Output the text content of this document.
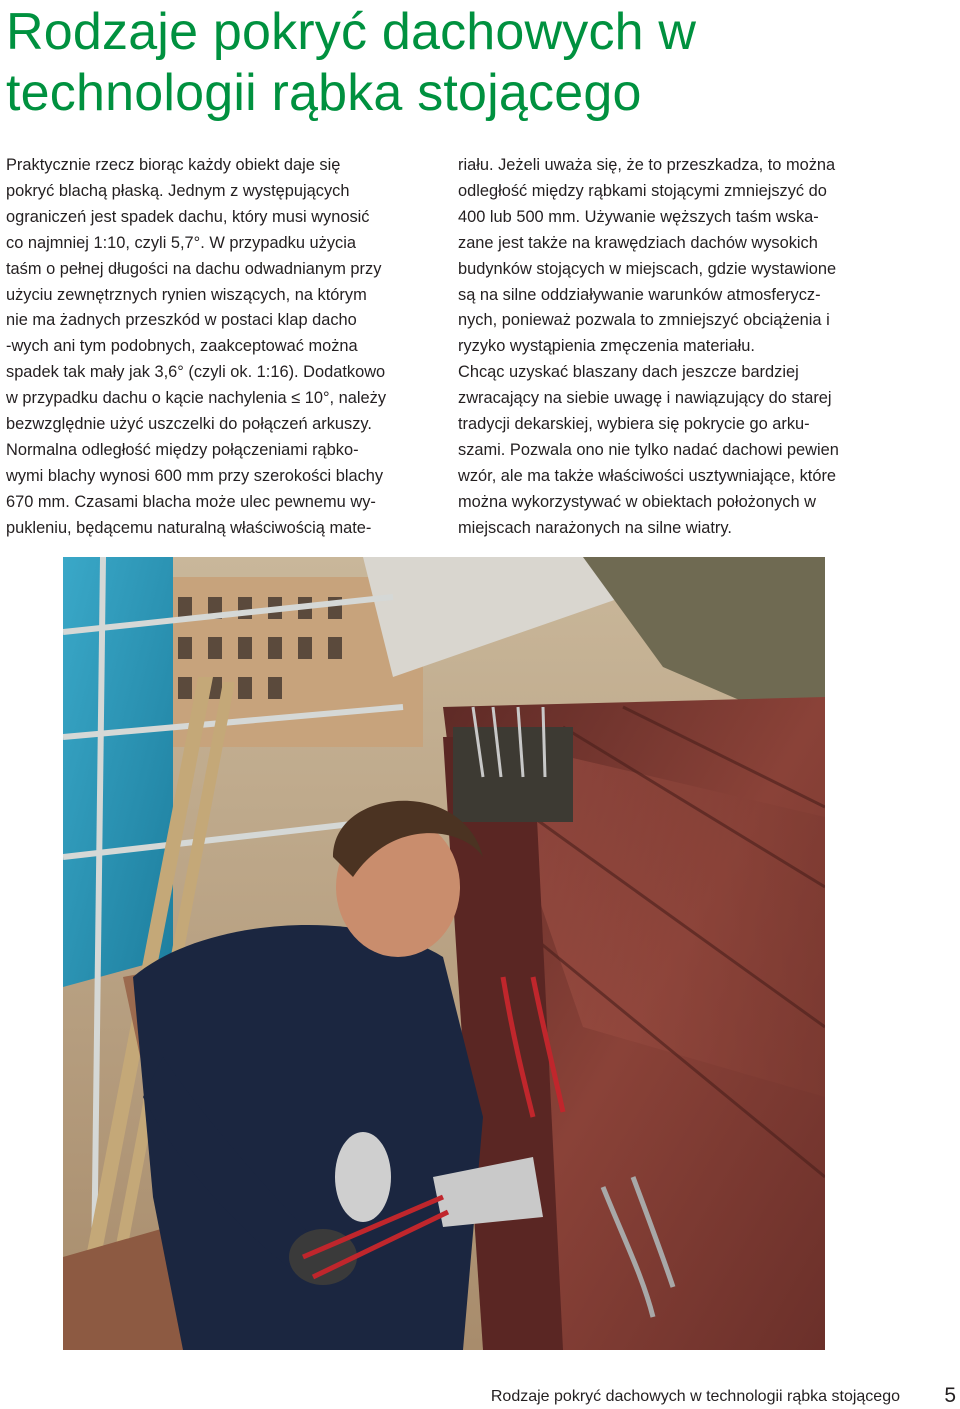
Rodzaje pokryć dachowych w
technologii rąbka stojącego

Praktycznie rzecz biorąc każdy obiekt daje się
pokryć blachą płaską. Jednym z występujących
ograniczeń jest spadek dachu, który musi wynosić
co najmniej 1:10, czyli 5,7°. W przypadku użycia
taśm o pełnej długości na dachu odwadnianym przy
użyciu zewnętrznych rynien wiszących, na którym
nie ma żadnych przeszkód w postaci klap dacho
-wych ani tym podobnych, zaakceptować można
spadek tak mały jak 3,6° (czyli ok. 1:16). Dodatkowo
w przypadku dachu o kącie nachylenia ≤ 10°, należy
bezwzględnie użyć uszczelki do połączeń arkuszy.

Normalna odległość między połączeniami rąbko-
wymi blachy wynosi 600 mm przy szerokości blachy
670 mm. Czasami blacha może ulec pewnemu wy-
pukleniu, będącemu naturalną właściwością mate-

riału. Jeżeli uważa się, że to przeszkadza, to można
odległość między rąbkami stojącymi zmniejszyć do
400 lub 500 mm. Używanie węższych taśm wska-
zane jest także na krawędziach dachów wysokich
budynków stojących w miejscach, gdzie wystawione
są na silne oddziaływanie warunków atmosferycz-
nych, ponieważ pozwala to zmniejszyć obciążenia i
ryzyko wystąpienia zmęczenia materiału.

Chcąc uzyskać blaszany dach jeszcze bardziej
zwracający na siebie uwagę i nawiązujący do starej
tradycji dekarskiej, wybiera się pokrycie go arku-
szami. Pozwala ono nie tylko nadać dachowi pewien
wzór, ale ma także właściwości usztywniające, które
można wykorzystywać w obiektach położonych w
miejscach narażonych na silne wiatry.

Rodzaje pokryć dachowych w technologii rąbka stojącego 5
